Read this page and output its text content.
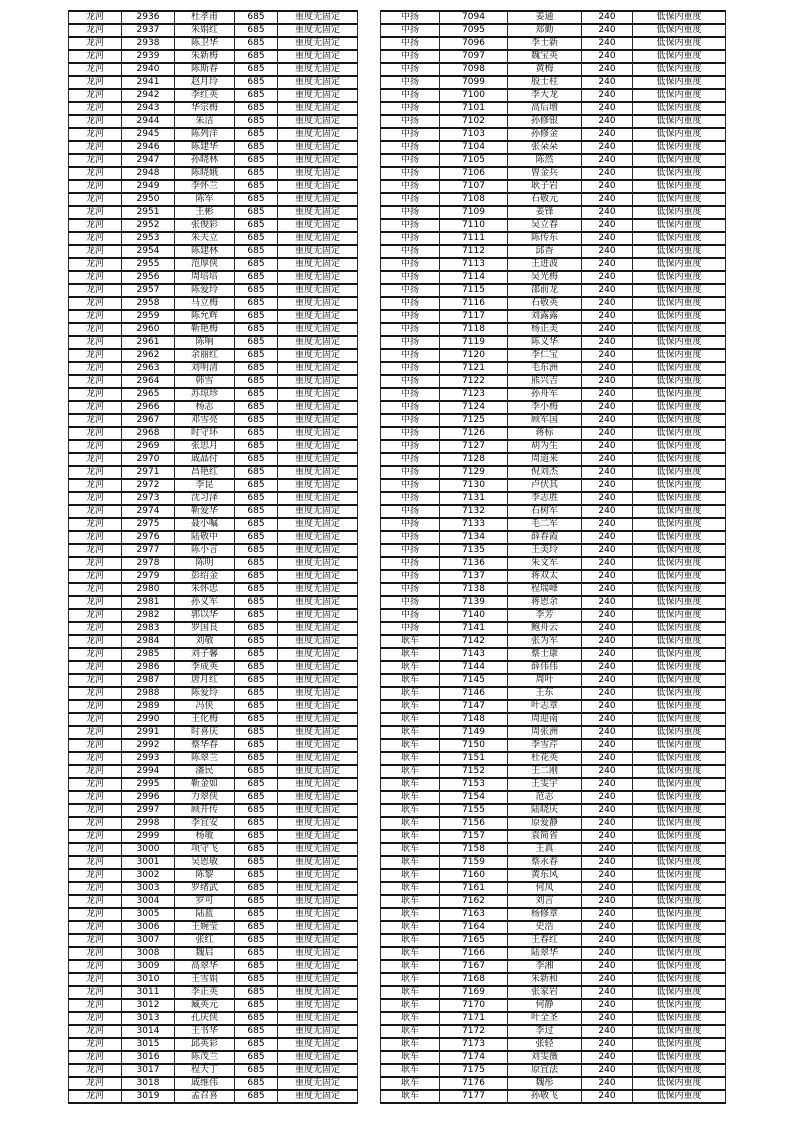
龙河	2936	杜孝甫	685	重度无固定
龙河	2937	朱娟红	685	重度无固定
龙河	2938	陈卫华	685	重度无固定
龙河	2939	朱新梅	685	重度无固定
龙河	2940	陈斯春	685	重度无固定
龙河	2941	赵月玲	685	重度无固定
龙河	2942	李红英	685	重度无固定
龙河	2943	华宗梅	685	重度无固定
龙河	2944	朱洁	685	重度无固定
龙河	2945	陈列洋	685	重度无固定
龙河	2946	陈建华	685	重度无固定
龙河	2947	孙晓林	685	重度无固定
龙河	2948	陈晓娥	685	重度无固定
龙河	2949	李怀兰	685	重度无固定
龙河	2950	陈军	685	重度无固定
龙河	2951	王彬	685	重度无固定
龙河	2952	张俊彩	685	重度无固定
龙河	2953	朱夫立	685	重度无固定
龙河	2954	陈建林	685	重度无固定
龙河	2955	范厚侠	685	重度无固定
龙河	2956	周培培	685	重度无固定
龙河	2957	陈爱玲	685	重度无固定
龙河	2958	马立梅	685	重度无固定
龙河	2959	陈允辉	685	重度无固定
龙河	2960	靳艳梅	685	重度无固定
龙河	2961	陈响	685	重度无固定
龙河	2962	余丽红	685	重度无固定
龙河	2963	刘明清	685	重度无固定
龙河	2964	韩雪	685	重度无固定
龙河	2965	苏琼珍	685	重度无固定
龙河	2966	杨志	685	重度无固定
龙河	2967	邓雪亮	685	重度无固定
龙河	2968	时守环	685	重度无固定
龙河	2969	张思月	685	重度无固定
龙河	2970	戚晶付	685	重度无固定
龙河	2971	昌艳红	685	重度无固定
龙河	2972	李昆	685	重度无固定
龙河	2973	沈习泽	685	重度无固定
龙河	2974	靳爱华	685	重度无固定
龙河	2975	聂小嘱	685	重度无固定
龙河	2976	陆敬中	685	重度无固定
龙河	2977	陈小言	685	重度无固定
龙河	2978	陈明	685	重度无固定
龙河	2979	彭绍金	685	重度无固定
龙河	2980	朱怀忠	685	重度无固定
龙河	2981	孙义军	685	重度无固定
龙河	2982	郭以华	685	重度无固定
龙河	2983	罗国良	685	重度无固定
龙河	2984	刘敬	685	重度无固定
龙河	2985	刘子馨	685	重度无固定
龙河	2986	李成英	685	重度无固定
龙河	2987	唐月红	685	重度无固定
龙河	2988	陈爱玲	685	重度无固定
龙河	2989	冯侠	685	重度无固定
龙河	2990	王化梅	685	重度无固定
龙河	2991	时喜庆	685	重度无固定
龙河	2992	蔡华春	685	重度无固定
龙河	2993	陈翠兰	685	重度无固定
龙河	2994	潘民	685	重度无固定
龙河	2995	靳金如	685	重度无固定
龙河	2996	力翠侠	685	重度无固定
龙河	2997	顾开传	685	重度无固定
龙河	2998	李宜安	685	重度无固定
龙河	2999	杨敏	685	重度无固定
龙河	3000	项守飞	685	重度无固定
龙河	3001	吴恩敏	685	重度无固定
龙河	3002	陈黎	685	重度无固定
龙河	3003	罗绪武	685	重度无固定
龙河	3004	罗可	685	重度无固定
龙河	3005	陆蓝	685	重度无固定
龙河	3006	王婉莹	685	重度无固定
龙河	3007	张红	685	重度无固定
龙河	3008	魏启	685	重度无固定
龙河	3009	高翠华	685	重度无固定
龙河	3010	王雪娟	685	重度无固定
龙河	3011	李正英	685	重度无固定
龙河	3012	臧英元	685	重度无固定
龙河	3013	孔庆侠	685	重度无固定
龙河	3014	王书华	685	重度无固定
龙河	3015	邱英彩	685	重度无固定
龙河	3016	陈茂兰	685	重度无固定
龙河	3017	程天丁	685	重度无固定
龙河	3018	戚维伟	685	重度无固定
龙河	3019	孟召喜	685	重度无固定
中扬	7094	姜通	240	低保内重度
中扬	7095	郑勤	240	低保内重度
中扬	7096	李士新	240	低保内重度
中扬	7097	魏宝英	240	低保内重度
中扬	7098	黄梅	240	低保内重度
中扬	7099	殷士柱	240	低保内重度
中扬	7100	李大龙	240	低保内重度
中扬	7101	高后增	240	低保内重度
中扬	7102	孙修银	240	低保内重度
中扬	7103	孙修金	240	低保内重度
中扬	7104	张朵朵	240	低保内重度
中扬	7105	陈然	240	低保内重度
中扬	7106	曾金兵	240	低保内重度
中扬	7107	耿子岩	240	低保内重度
中扬	7108	石敬元	240	低保内重度
中扬	7109	姜锋	240	低保内重度
中扬	7110	吴立春	240	低保内重度
中扬	7111	陈传东	240	低保内重度
中扬	7112	邱香	240	低保内重度
中扬	7113	王进波	240	低保内重度
中扬	7114	吴光梅	240	低保内重度
中扬	7115	邵前龙	240	低保内重度
中扬	7116	石敬英	240	低保内重度
中扬	7117	刘露露	240	低保内重度
中扬	7118	杨正美	240	低保内重度
中扬	7119	陈义华	240	低保内重度
中扬	7120	李仁宝	240	低保内重度
中扬	7121	毛东洲	240	低保内重度
中扬	7122	熊兴吉	240	低保内重度
中扬	7123	孙舟军	240	低保内重度
中扬	7124	李小梅	240	低保内重度
中扬	7125	顾军国	240	低保内重度
中扬	7126	蒋标	240	低保内重度
中扬	7127	胡为生	240	低保内重度
中扬	7128	周道来	240	低保内重度
中扬	7129	倪刘杰	240	低保内重度
中扬	7130	卢伏其	240	低保内重度
中扬	7131	李志胜	240	低保内重度
中扬	7132	石树军	240	低保内重度
中扬	7133	毛二军	240	低保内重度
中扬	7134	薛春霞	240	低保内重度
中扬	7135	王美玲	240	低保内重度
中扬	7136	朱文军	240	低保内重度
中扬	7137	蒋双太	240	低保内重度
中扬	7138	程瑞峰	240	低保内重度
中扬	7139	蒋恩余	240	低保内重度
中扬	7140	李芳	240	低保内重度
中扬	7141	鲍舟云	240	低保内重度
耿车	7142	张为军	240	低保内重度
耿车	7143	蔡士康	240	低保内重度
耿车	7144	薛伟伟	240	低保内重度
耿车	7145	周叶	240	低保内重度
耿车	7146	王东	240	低保内重度
耿车	7147	叶志章	240	低保内重度
耿车	7148	周迎南	240	低保内重度
耿车	7149	周张洲	240	低保内重度
耿车	7150	李雪芹	240	低保内重度
耿车	7151	杜花英	240	低保内重度
耿车	7152	王二刚	240	低保内重度
耿车	7153	王雯宇	240	低保内重度
耿车	7154	范志	240	低保内重度
耿车	7155	陆晓庆	240	低保内重度
耿车	7156	原爱静	240	低保内重度
耿车	7157	袁简省	240	低保内重度
耿车	7158	王真	240	低保内重度
耿车	7159	蔡永春	240	低保内重度
耿车	7160	黄东风	240	低保内重度
耿车	7161	何凤	240	低保内重度
耿车	7162	刘言	240	低保内重度
耿车	7163	杨修章	240	低保内重度
耿车	7164	史浩	240	低保内重度
耿车	7165	王春红	240	低保内重度
耿车	7166	陆翠华	240	低保内重度
耿车	7167	李湘	240	低保内重度
耿车	7168	朱新和	240	低保内重度
耿车	7169	张家岩	240	低保内重度
耿车	7170	何静	240	低保内重度
耿车	7171	叶全圣	240	低保内重度
耿车	7172	李过	240	低保内重度
耿车	7173	张轻	240	低保内重度
耿车	7174	刘雯薇	240	低保内重度
耿车	7175	原宜法	240	低保内重度
耿车	7176	魏彤	240	低保内重度
耿车	7177	孙敬飞	240	低保内重度
